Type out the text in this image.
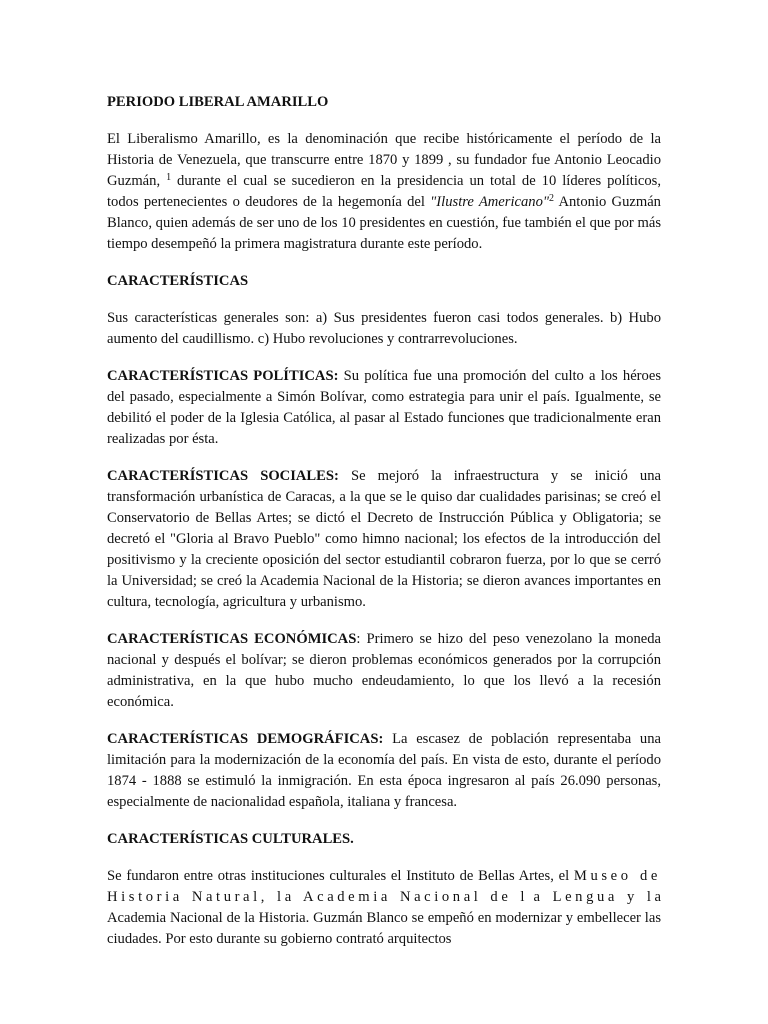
PERIODO LIBERAL AMARILLO

El Liberalismo Amarillo, es la denominación que recibe históricamente el período de la Historia de Venezuela, que transcurre entre 1870 y 1899 , su fundador fue Antonio Leocadio Guzmán, $^1$ durante el cual se sucedieron en la presidencia un total de 10 líderes políticos, todos pertenecientes o deudores de la hegemonía del "Ilustre Americano"$^2$ Antonio Guzmán Blanco, quien además de ser uno de los 10 presidentes en cuestión, fue también el que por más tiempo desempeñó la primera magistratura durante este período.

CARACTERÍSTICAS

Sus características generales son: a) Sus presidentes fueron casi todos generales. b) Hubo aumento del caudillismo. c) Hubo revoluciones y contrarrevoluciones.

CARACTERÍSTICAS POLÍTICAS: Su política fue una promoción del culto a los héroes del pasado, especialmente a Simón Bolívar, como estrategia para unir el país. Igualmente, se debilitó el poder de la Iglesia Católica, al pasar al Estado funciones que tradicionalmente eran realizadas por ésta.

CARACTERÍSTICAS SOCIALES: Se mejoró la infraestructura y se inició una transformación urbanística de Caracas, a la que se le quiso dar cualidades parisinas; se creó el Conservatorio de Bellas Artes; se dictó el Decreto de Instrucción Pública y Obligatoria; se decretó el "Gloria al Bravo Pueblo" como himno nacional; los efectos de la introducción del positivismo y la creciente oposición del sector estudiantil cobraron fuerza, por lo que se cerró la Universidad; se creó la Academia Nacional de la Historia; se dieron avances importantes en cultura, tecnología, agricultura y urbanismo.

CARACTERÍSTICAS ECONÓMICAS: Primero se hizo del peso venezolano la moneda nacional y después el bolívar; se dieron problemas económicos generados por la corrupción administrativa, en la que hubo mucho endeudamiento, lo que los llevó a la recesión económica.

CARACTERÍSTICAS DEMOGRÁFICAS: La escasez de población representaba una limitación para la modernización de la economía del país. En vista de esto, durante el período 1874 - 1888 se estimuló la inmigración. En esta época ingresaron al país 26.090 personas, especialmente de nacionalidad española, italiana y francesa.

CARACTERÍSTICAS CULTURALES.

Se fundaron entre otras instituciones culturales el Instituto de Bellas Artes, el Museo de Historia Natural, la Academia Nacional de l a Lengua y la Academia Nacional de la Historia. Guzmán Blanco se empeñó en modernizar y embellecer las ciudades. Por esto durante su gobierno contrató arquitectos
